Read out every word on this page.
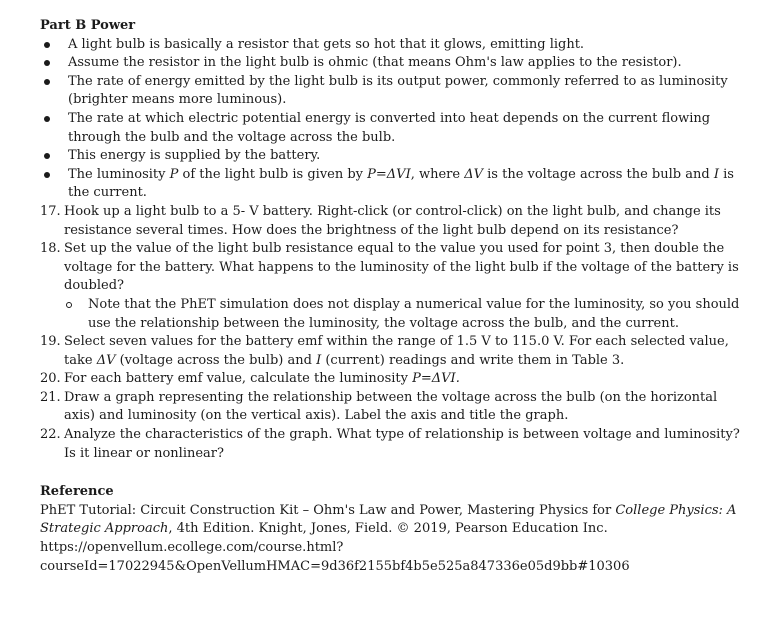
Part B Power
A light bulb is basically a resistor that gets so hot that it glows, emitting light.
Assume the resistor in the light bulb is ohmic (that means Ohm's law applies to the resistor).
The rate of energy emitted by the light bulb is its output power, commonly referred to as luminosity (brighter means more luminous).
The rate at which electric potential energy is converted into heat depends on the current flowing through the bulb and the voltage across the bulb.
This energy is supplied by the battery.
The luminosity P of the light bulb is given by P=ΔVI, where ΔV is the voltage across the bulb and I is the current.
17. Hook up a light bulb to a 5- V battery. Right-click (or control-click) on the light bulb, and change its resistance several times. How does the brightness of the light bulb depend on its resistance?
18. Set up the value of the light bulb resistance equal to the value you used for point 3, then double the voltage for the battery. What happens to the luminosity of the light bulb if the voltage of the battery is doubled?
Note that the PhET simulation does not display a numerical value for the luminosity, so you should use the relationship between the luminosity, the voltage across the bulb, and the current.
19. Select seven values for the battery emf within the range of 1.5 V to 115.0 V. For each selected value, take ΔV (voltage across the bulb) and I (current) readings and write them in Table 3.
20. For each battery emf value, calculate the luminosity P=ΔVI.
21. Draw a graph representing the relationship between the voltage across the bulb (on the horizontal axis) and luminosity (on the vertical axis). Label the axis and title the graph.
22. Analyze the characteristics of the graph. What type of relationship is between voltage and luminosity? Is it linear or nonlinear?
Reference
PhET Tutorial: Circuit Construction Kit – Ohm's Law and Power, Mastering Physics for College Physics: A Strategic Approach, 4th Edition. Knight, Jones, Field. © 2019, Pearson Education Inc.
https://openvellum.ecollege.com/course.html?
courseId=17022945&OpenVellumHMAC=9d36f2155bf4b5e525a847336e05d9bb#10306
